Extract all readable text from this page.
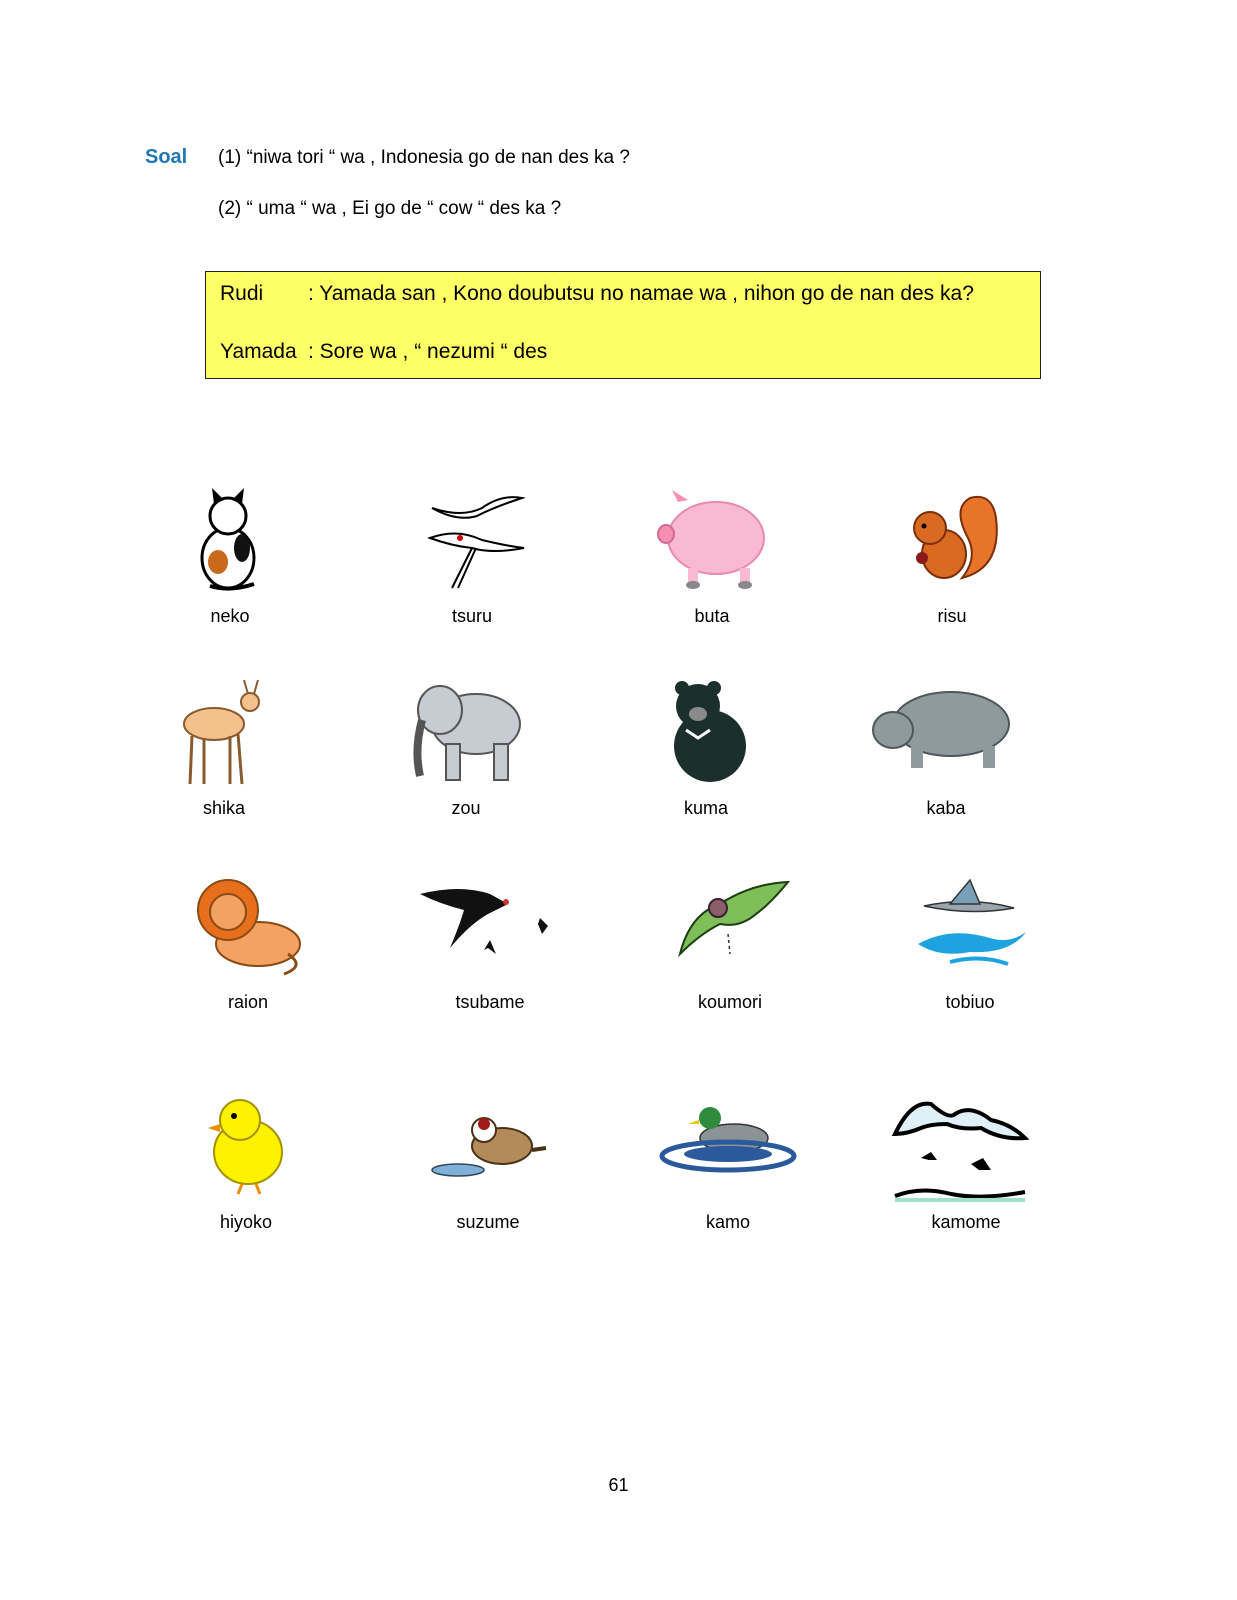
Soal (1) “niwa tori “ wa , Indonesia go de nan des ka ?
(2) “ uma “ wa , Ei go de “ cow “ des ka ?
Rudi : Yamada san , Kono doubutsu no namae wa , nihon go de nan des ka?
Yamada : Sore wa , “ nezumi “ des
neko	tsuru	buta	risu
shika	zou	kuma	kaba
raion	tsubame	koumori	tobiuo
hiyoko	suzume	kamo	kamome
61
